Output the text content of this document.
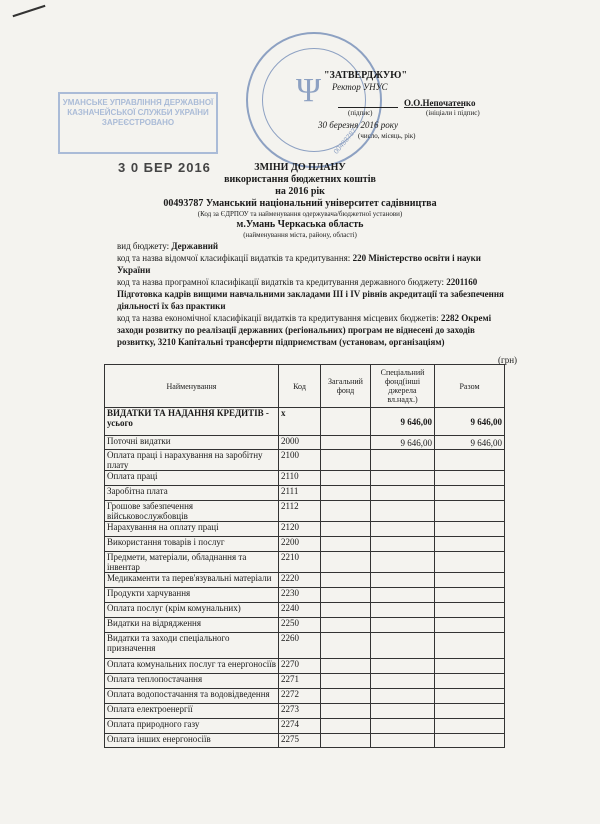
УМАНСЬКЕ УПРАВЛІННЯ ДЕРЖАВНОЇ КАЗНАЧЕЙСЬКОЇ СЛУЖБИ УКРАЇНИ ЗАРЕЄСТРОВАНО
3 0 БЕР 2016
Ψ
00493787
"ЗАТВЕРДЖУЮ"
Ректор УНУС
О.О.Непочатенко
(підпис)	(ініціали і підпис)
30 березня 2016 року
(число, місяць, рік)
ЗМІНИ ДО ПЛАНУ
використання бюджетних коштів
на 2016 рік
00493787 Уманський національний університет садівництва
(Код за ЄДРПОУ та найменування одержувача/бюджетної установи)
м.Умань Черкаська область
(найменування міста, району, області)
вид бюджету: Державний
код та назва відомчої класифікації видатків та кредитування: 220 Міністерство освіти і науки
України
код та назва програмної класифікації видатків та кредитування державного бюджету: 2201160
Підготовка кадрів вищими навчальними закладами ІІІ і IV рівнів акредитації та забезпечення
діяльності їх баз практики
код та назва економічної класифікації видатків та кредитування місцевих бюджетів: 2282 Окремі
заходи розвитку по реалізації державних (регіональних) програм не віднесені до заходів
розвитку, 3210 Капітальні трансферти підприємствам (установам, організаціям)
(грн)
Найменування	Код	Загальний фонд	Спеціальний фонд(інші джерела вл.надх.)	Разом
ВИДАТКИ ТА НАДАННЯ КРЕДИТІВ - усього	х		9 646,00	9 646,00
Поточні видатки	2000		9 646,00	9 646,00
Оплата праці і нарахування на заробітну плату	2100			
Оплата праці	2110			
Заробітна плата	2111			
Грошове забезпечення військовослужбовців	2112			
Нарахування на оплату праці	2120			
Використання товарів і послуг	2200			
Предмети, матеріали, обладнання та інвентар	2210			
Медикаменти та перев'язувальні матеріали	2220			
Продукти харчування	2230			
Оплата послуг (крім комунальних)	2240			
Видатки на відрядження	2250			
Видатки та заходи спеціального призначення	2260			
Оплата комунальних послуг та енергоносіїв	2270			
Оплата теплопостачання	2271			
Оплата водопостачання та водовідведення	2272			
Оплата електроенергії	2273			
Оплата природного газу	2274			
Оплата інших енергоносіїв	2275			
